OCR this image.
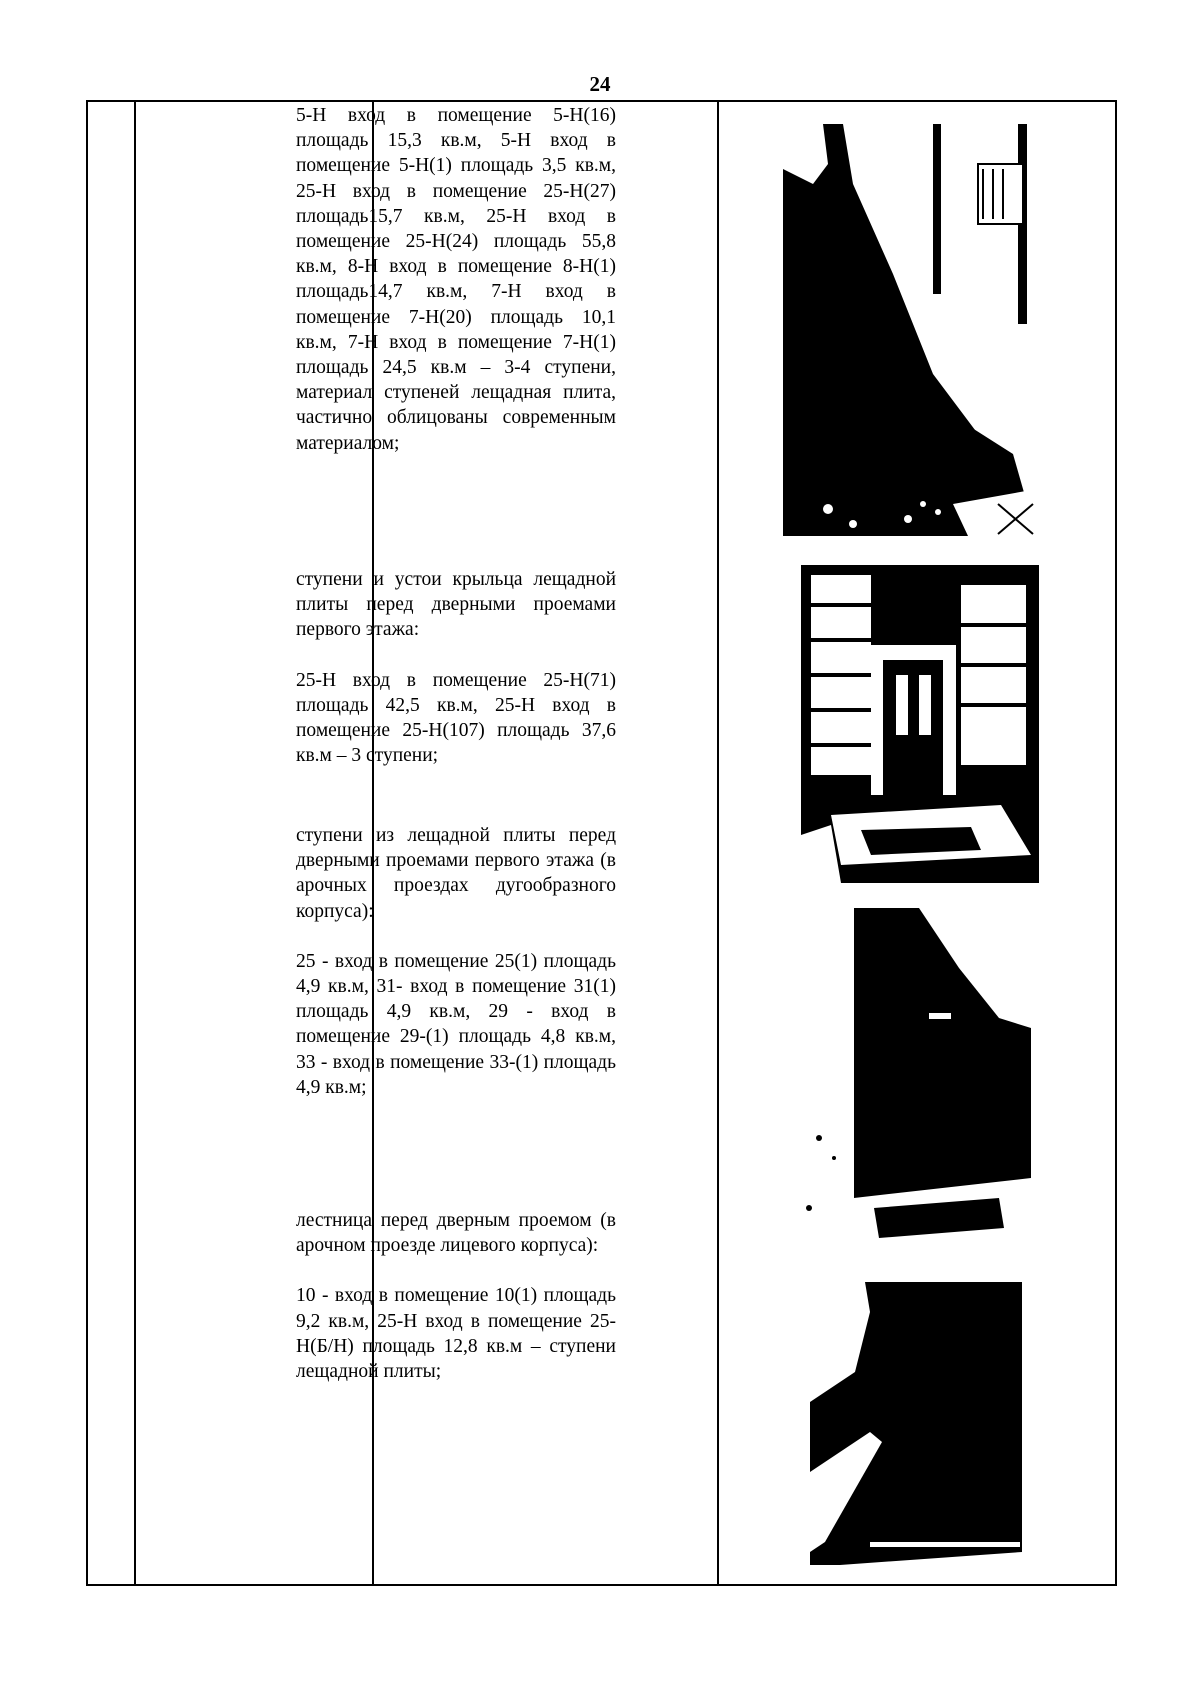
24

5-Н вход в помещение 5-Н(16) площадь 15,3 кв.м, 5-Н вход в помещение 5-Н(1) площадь 3,5 кв.м, 25-Н вход в помещение 25-Н(27) площадь15,7 кв.м, 25-Н вход в помещение 25-Н(24) площадь 55,8 кв.м, 8-Н вход в помещение 8-Н(1) площадь14,7 кв.м, 7-Н вход в помещение 7-Н(20) площадь 10,1 кв.м, 7-Н вход в помещение 7-Н(1) площадь 24,5 кв.м – 3-4 ступени, материал ступеней лещадная плита, частично облицованы современным материалом;

ступени и устои крыльца лещадной плиты перед дверными проемами первого этажа:

25-Н вход в помещение 25-Н(71) площадь 42,5 кв.м, 25-Н вход в помещение 25-Н(107) площадь 37,6 кв.м – 3 ступени;

ступени из лещадной плиты перед дверными проемами первого этажа (в арочных проездах дугообразного корпуса):

25 - вход в помещение 25(1) площадь 4,9 кв.м, 31- вход в помещение 31(1) площадь 4,9 кв.м, 29 - вход в помещение 29-(1) площадь 4,8 кв.м, 33 - вход в помещение 33-(1) площадь 4,9 кв.м;

лестница перед дверным проемом (в арочном проезде лицевого корпуса):

10 - вход в помещение 10(1) площадь 9,2 кв.м, 25-Н вход в помещение 25-Н(Б/Н) площадь 12,8 кв.м – ступени лещадной плиты;
